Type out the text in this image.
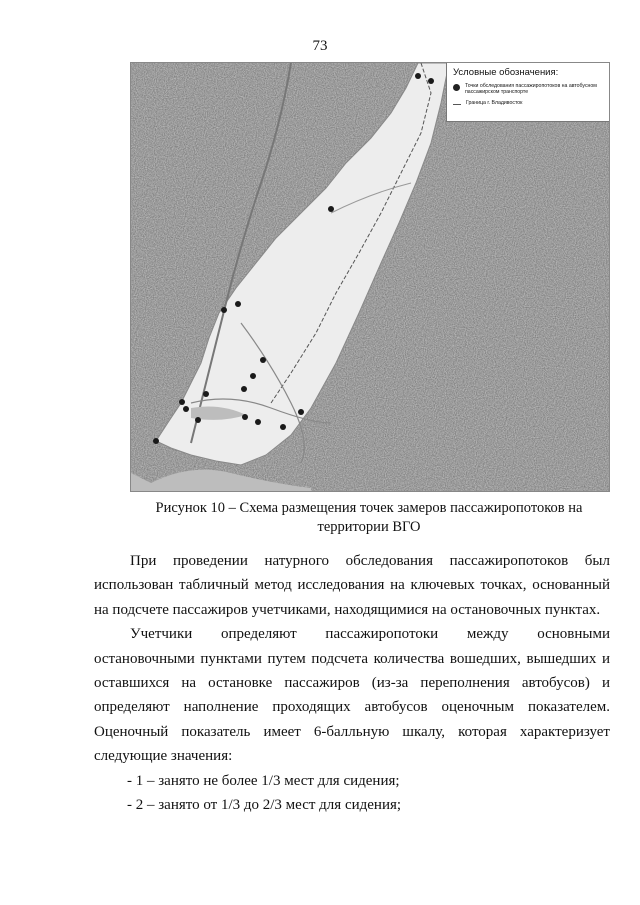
73
Условные обозначения:
Точки обследования пассажиропотоков на автобусном пассажирском транспорте
Граница г. Владивосток
Рисунок 10 – Схема размещения точек замеров пассажиропотоков на территории ВГО

При проведении натурного обследования пассажиропотоков был использован табличный метод исследования на ключевых точках, основанный на подсчете пассажиров учетчиками, находящимися на остановочных пунктах.

Учетчики определяют пассажиропотоки между основными остановочными пунктами путем подсчета количества вошедших, вышедших и оставшихся на остановке пассажиров (из-за переполнения автобусов) и определяют наполнение проходящих автобусов оценочным показателем. Оценочный показатель имеет 6-балльную шкалу, которая характеризует следующие значения:

- 1 – занято не более 1/3 мест для сидения;
- 2 – занято от 1/3 до 2/3 мест для сидения;
